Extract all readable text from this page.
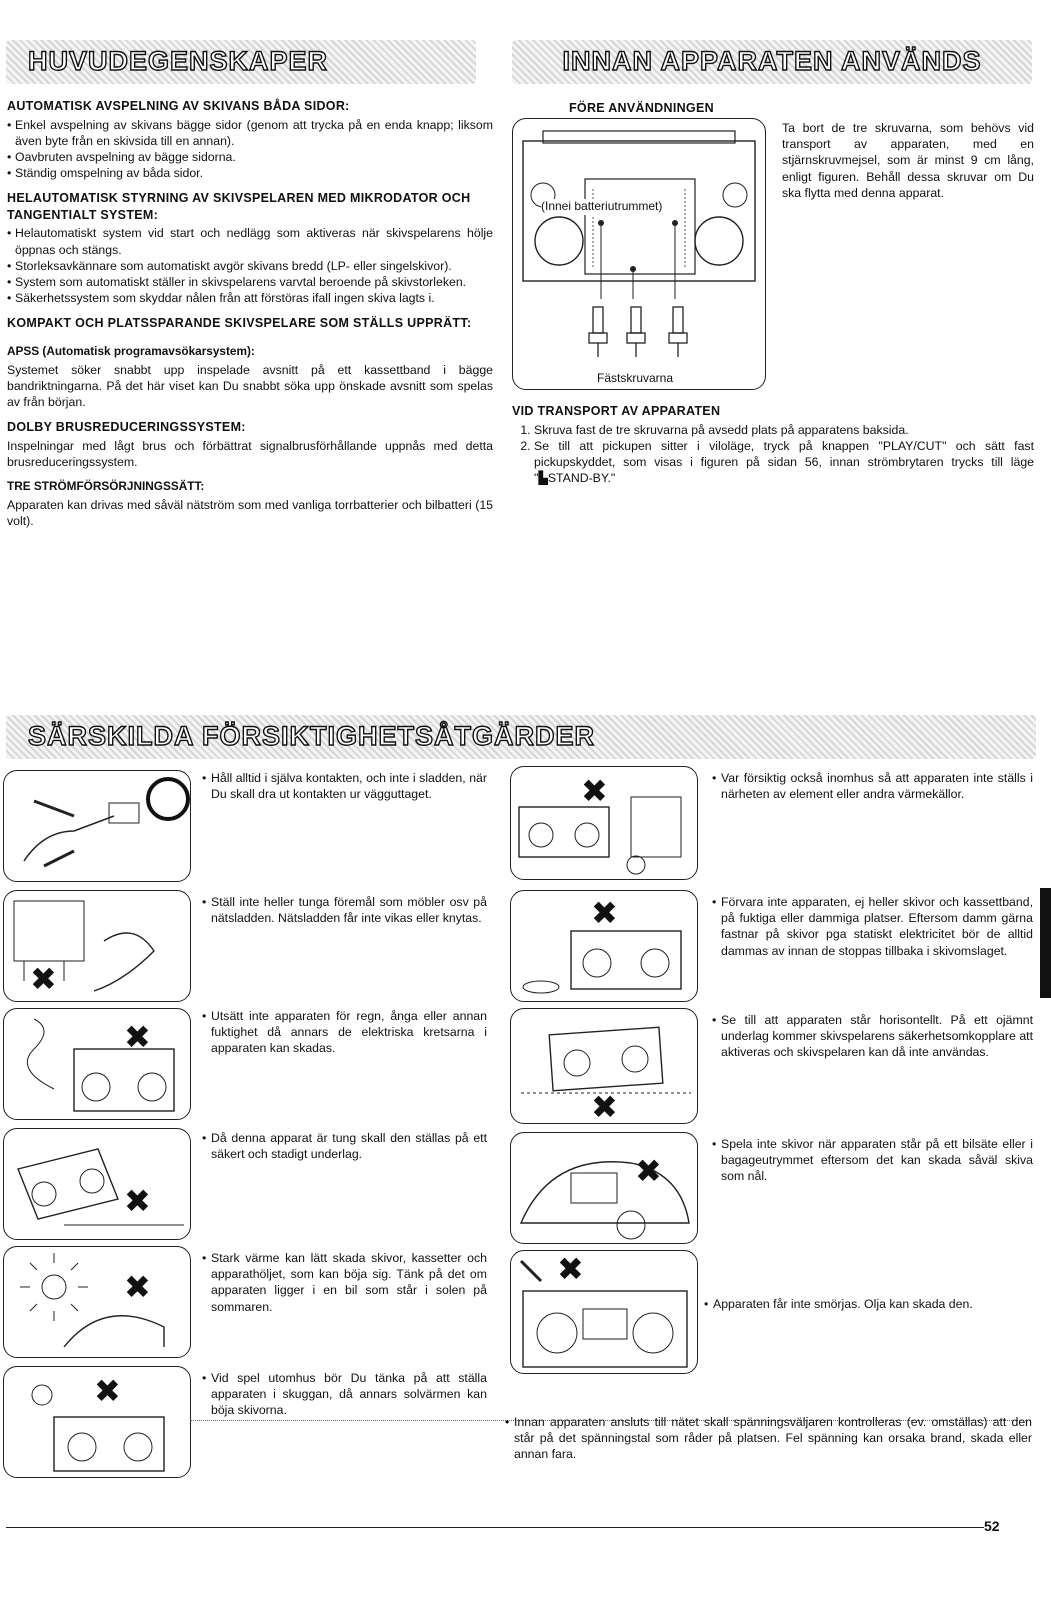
HUVUDEGENSKAPER	INNAN APPARATEN ANVÄNDS
AUTOMATISK AVSPELNING AV SKIVANS BÅDA SIDOR:
• Enkel avspelning av skivans bägge sidor (genom att trycka på en enda knapp; liksom även byte från en skivsida till en annan).
• Oavbruten avspelning av bägge sidorna.
• Ständig omspelning av båda sidor.
HELAUTOMATISK STYRNING AV SKIVSPELAREN MED MIKRODATOR OCH TANGENTIALT SYSTEM:
• Helautomatiskt system vid start och nedlägg som aktiveras när skivspelarens hölje öppnas och stängs.
• Storleksavkännare som automatiskt avgör skivans bredd (LP- eller singelskivor).
• System som automatiskt ställer in skivspelarens varvtal beroende på skivstorleken.
• Säkerhetssystem som skyddar nålen från att förstöras ifall ingen skiva lagts i.
KOMPAKT OCH PLATSSPARANDE SKIVSPELARE SOM STÄLLS UPPRÄTT:
APSS (Automatisk programavsökarsystem):

Systemet söker snabbt upp inspelade avsnitt på ett kassettband i bägge bandriktningarna. På det här viset kan Du snabbt söka upp önskade avsnitt som spelas av från början.

DOLBY BRUSREDUCERINGSSYSTEM:

Inspelningar med lågt brus och förbättrat signalbrusförhållande uppnås med detta brusreduceringssystem.

TRE STRÖMFÖRSÖRJNINGSSÄTT:

Apparaten kan drivas med såväl nätström som med vanliga torrbatterier och bilbatteri (15 volt).

FÖRE ANVÄNDNINGEN
(Innei batteriutrummet)
Fästskruvarna

Ta bort de tre skruvarna, som behövs vid transport av apparaten, med en stjärnskruvmejsel, som är minst 9 cm lång, enligt figuren. Behåll dessa skruvar om Du ska flytta med denna apparat.

VID TRANSPORT AV APPARATEN
1. Skruva fast de tre skruvarna på avsedd plats på apparatens baksida.
2. Se till att pickupen sitter i viloläge, tryck på knappen "PLAY/CUT" och sätt fast pickupskyddet, som visas i figuren på sidan 56, innan strömbrytaren trycks till läge "▙STAND-BY."
SÄRSKILDA FÖRSIKTIGHETSÅTGÄRDER
• Håll alltid i själva kontakten, och inte i sladden, när Du skall dra ut kontakten ur vägguttaget.
✖
• Ställ inte heller tunga föremål som möbler osv på nätsladden. Nätsladden får inte vikas eller knytas.
✖
• Utsätt inte apparaten för regn, ånga eller annan fuktighet då annars de elektriska kretsarna i apparaten kan skadas.
✖
• Då denna apparat är tung skall den ställas på ett säkert och stadigt underlag.
✖
• Stark värme kan lätt skada skivor, kassetter och apparathöljet, som kan böja sig. Tänk på det om apparaten ligger i en bil som står i solen på sommaren.
✖	• Vid spel utomhus bör Du tänka på att ställa apparaten i skuggan, då annars solvärmen kan böja skivorna.
✖	• Var försiktig också inomhus så att apparaten inte ställs i närheten av element eller andra värmekällor.
✖	• Förvara inte apparaten, ej heller skivor och kassettband, på fuktiga eller dammiga platser. Eftersom damm gärna fastnar på skivor pga statiskt elektricitet bör de alltid dammas av innan de stoppas tillbaka i skivomslaget.
✖
• Se till att apparaten står horisontellt. På ett ojämnt underlag kommer skivspelarens säkerhetsomkopplare att aktiveras och skivspelaren kan då inte användas.
✖
• Spela inte skivor när apparaten står på ett bilsäte eller i bagageutrymmet eftersom det kan skada såväl skiva som nål.
✖
• Apparaten får inte smörjas. Olja kan skada den.
• Innan apparaten ansluts till nätet skall spänningsväljaren kontrolleras (ev. omställas) att den står på det spänningstal som råder på platsen. Fel spänning kan orsaka brand, skada eller annan fara.
52
